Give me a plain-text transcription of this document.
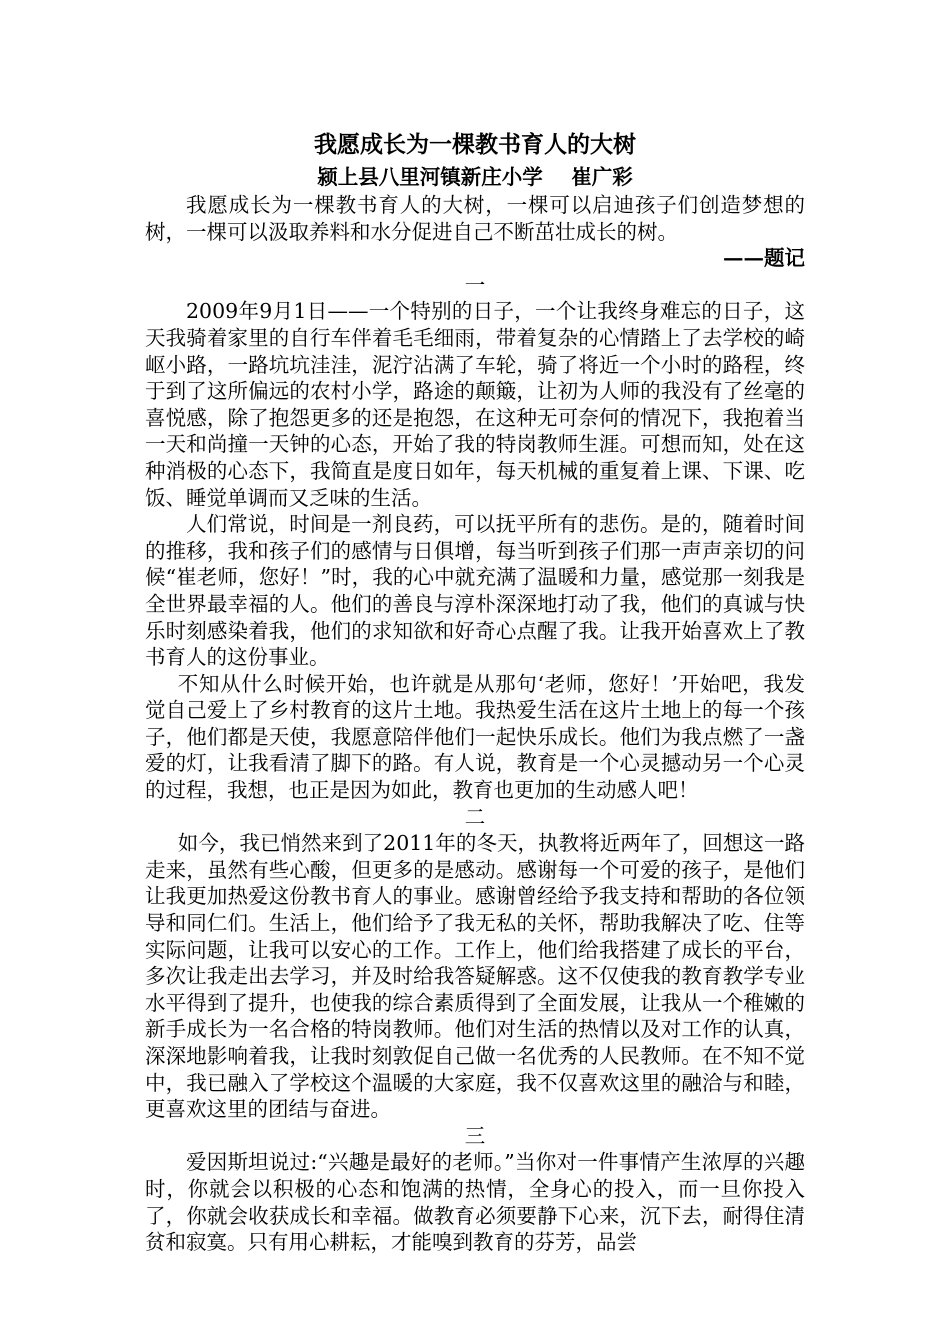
我愿成长为一棵教书育人的大树

颍上县八里河镇新庄小学    崔广彩

我愿成长为一棵教书育人的大树，一棵可以启迪孩子们创造梦想的树，一棵可以汲取养料和水分促进自己不断茁壮成长的树。

——题记

一

2009年9月1日——一个特别的日子，一个让我终身难忘的日子，这天我骑着家里的自行车伴着毛毛细雨，带着复杂的心情踏上了去学校的崎岖小路，一路坑坑洼洼，泥泞沾满了车轮，骑了将近一个小时的路程，终于到了这所偏远的农村小学，路途的颠簸，让初为人师的我没有了丝毫的喜悦感，除了抱怨更多的还是抱怨，在这种无可奈何的情况下，我抱着当一天和尚撞一天钟的心态，开始了我的特岗教师生涯。可想而知，处在这种消极的心态下，我简直是度日如年，每天机械的重复着上课、下课、吃饭、睡觉单调而又乏味的生活。

人们常说，时间是一剂良药，可以抚平所有的悲伤。是的，随着时间的推移，我和孩子们的感情与日俱增，每当听到孩子们那一声声亲切的问候“崔老师，您好！”时，我的心中就充满了温暖和力量，感觉那一刻我是全世界最幸福的人。他们的善良与淳朴深深地打动了我，他们的真诚与快乐时刻感染着我，他们的求知欲和好奇心点醒了我。让我开始喜欢上了教书育人的这份事业。

不知从什么时候开始，也许就是从那句‘老师，您好！’开始吧，我发觉自己爱上了乡村教育的这片土地。我热爱生活在这片土地上的每一个孩子，他们都是天使，我愿意陪伴他们一起快乐成长。他们为我点燃了一盏爱的灯，让我看清了脚下的路。有人说，教育是一个心灵撼动另一个心灵的过程，我想，也正是因为如此，教育也更加的生动感人吧！

二

如今，我已悄然来到了2011年的冬天，执教将近两年了，回想这一路走来，虽然有些心酸，但更多的是感动。感谢每一个可爱的孩子，是他们让我更加热爱这份教书育人的事业。感谢曾经给予我支持和帮助的各位领导和同仁们。生活上，他们给予了我无私的关怀，帮助我解决了吃、住等实际问题，让我可以安心的工作。工作上，他们给我搭建了成长的平台，多次让我走出去学习，并及时给我答疑解惑。这不仅使我的教育教学专业水平得到了提升，也使我的综合素质得到了全面发展，让我从一个稚嫩的新手成长为一名合格的特岗教师。他们对生活的热情以及对工作的认真，深深地影响着我，让我时刻敦促自己做一名优秀的人民教师。在不知不觉中，我已融入了学校这个温暖的大家庭，我不仅喜欢这里的融洽与和睦，更喜欢这里的团结与奋进。

三

爱因斯坦说过:“兴趣是最好的老师。”当你对一件事情产生浓厚的兴趣时，你就会以积极的心态和饱满的热情，全身心的投入，而一旦你投入了，你就会收获成长和幸福。做教育必须要静下心来，沉下去，耐得住清贫和寂寞。只有用心耕耘，才能嗅到教育的芬芳，品尝
